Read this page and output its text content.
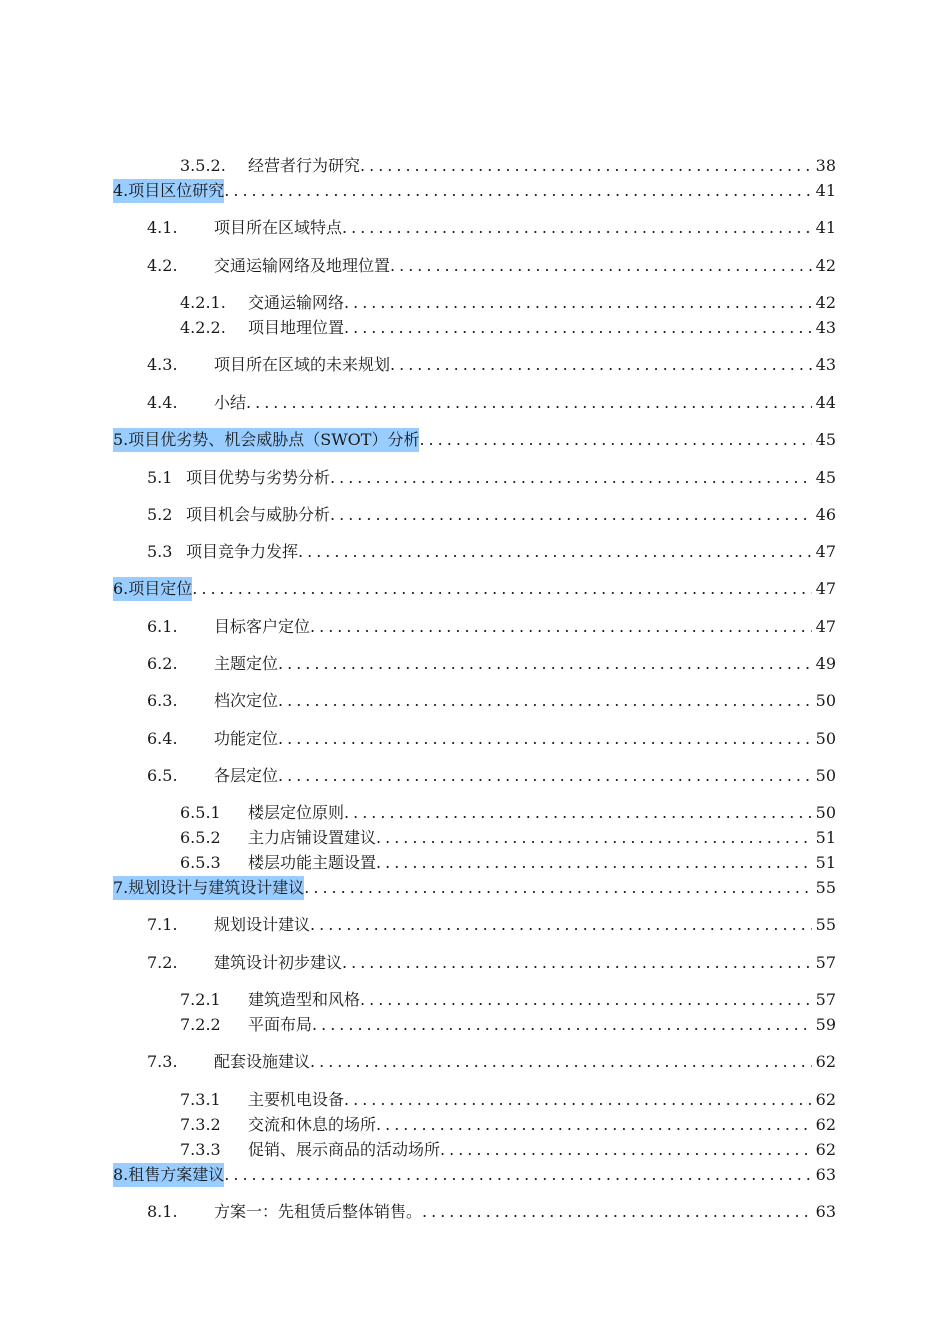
3.5.2.	经营者行为研究 .....	38
4. 项目区位研究 .....	41
4.1.	项目所在区域特点 .....	41
4.2.	交通运输网络及地理位置 .....	42
4.2.1.	交通运输网络 .....	42
4.2.2.	项目地理位置 .....	43
4.3.	项目所在区域的未来规划 .....	43
4.4.	小结 .....	44
5. 项目优劣势、机会威胁点（SWOT）分析 .....	45
5.1 项目优势与劣势分析 .....	45
5.2 项目机会与威胁分析 .....	46
5.3 项目竞争力发挥 .....	47
6. 项目定位 .....	47
6.1.	目标客户定位 .....	47
6.2.	主题定位 .....	49
6.3.	档次定位 .....	50
6.4.	功能定位 .....	50
6.5.	各层定位 .....	50
6.5.1	楼层定位原则 .....	50
6.5.2	主力店铺设置建议 .....	51
6.5.3	楼层功能主题设置 .....	51
7. 规划设计与建筑设计建议 .....	55
7.1.	规划设计建议 .....	55
7.2.	建筑设计初步建议 .....	57
7.2.1	建筑造型和风格 .....	57
7.2.2	平面布局 .....	59
7.3.	配套设施建议 .....	62
7.3.1	主要机电设备 .....	62
7.3.2	交流和休息的场所 .....	62
7.3.3	促销、展示商品的活动场所 .....	62
8. 租售方案建议 .....	63
8.1.	方案一：先租赁后整体销售。 .....	63
